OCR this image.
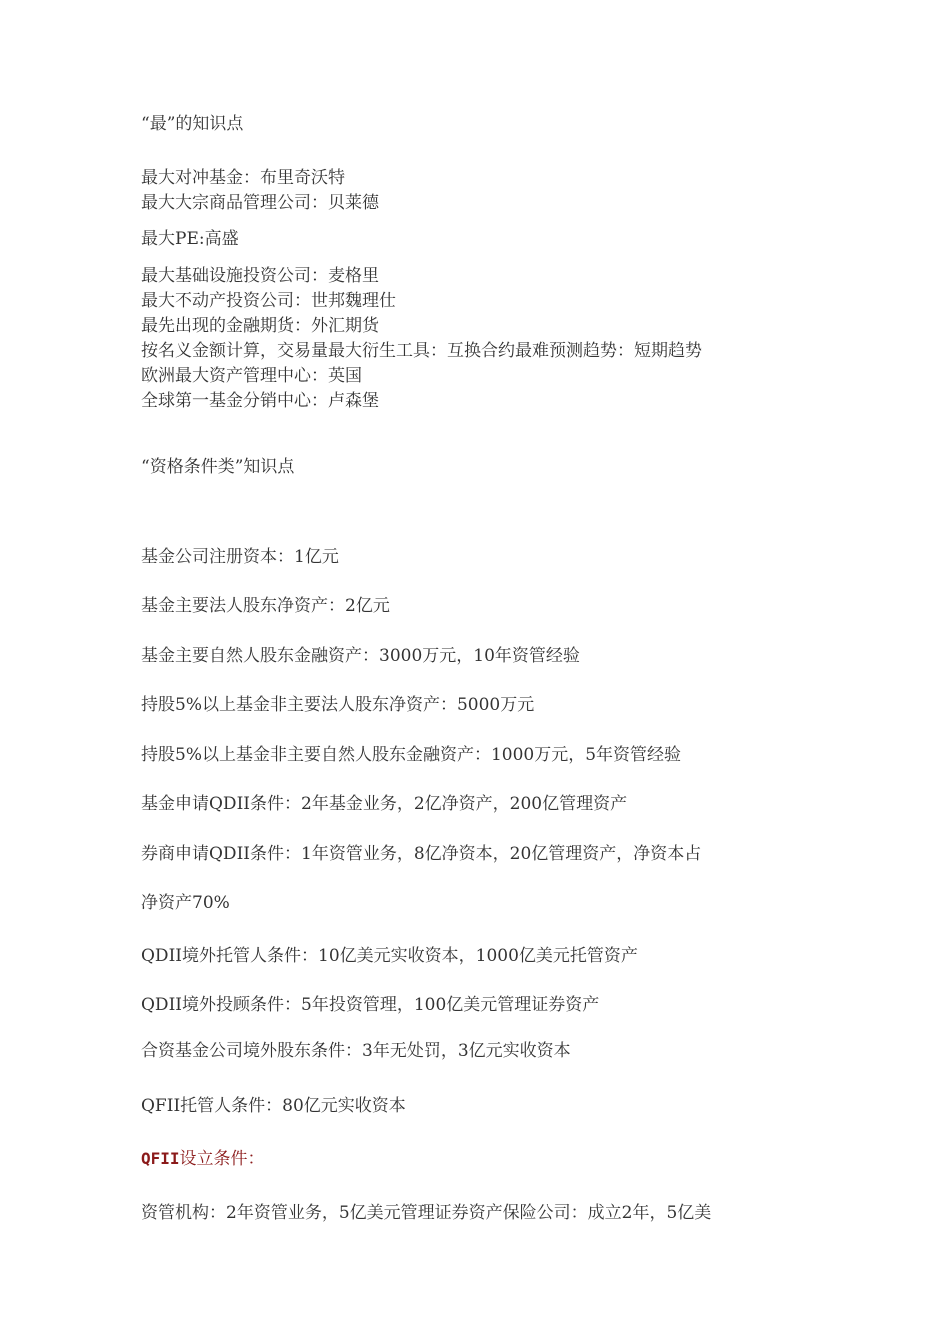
“最”的知识点

最大对冲基金：布里奇沃特

最大大宗商品管理公司：贝莱德

最大PE:高盛

最大基础设施投资公司：麦格里

最大不动产投资公司：世邦魏理仕

最先出现的金融期货：外汇期货

按名义金额计算，交易量最大衍生工具：互换合约最难预测趋势：短期趋势

欧洲最大资产管理中心：英国

全球第一基金分销中心：卢森堡

“资格条件类”知识点

基金公司注册资本：1亿元

基金主要法人股东净资产：2亿元

基金主要自然人股东金融资产：3000万元，10年资管经验

持股5%以上基金非主要法人股东净资产：5000万元

持股5%以上基金非主要自然人股东金融资产：1000万元，5年资管经验

基金申请QDII条件：2年基金业务，2亿净资产，200亿管理资产

券商申请QDII条件：1年资管业务，8亿净资本，20亿管理资产，净资本占

净资产70%

QDII境外托管人条件：10亿美元实收资本，1000亿美元托管资产

QDII境外投顾条件：5年投资管理，100亿美元管理证券资产

合资基金公司境外股东条件：3年无处罚，3亿元实收资本

QFII托管人条件：80亿元实收资本

QFII设立条件：

资管机构：2年资管业务，5亿美元管理证券资产保险公司：成立2年，5亿美
